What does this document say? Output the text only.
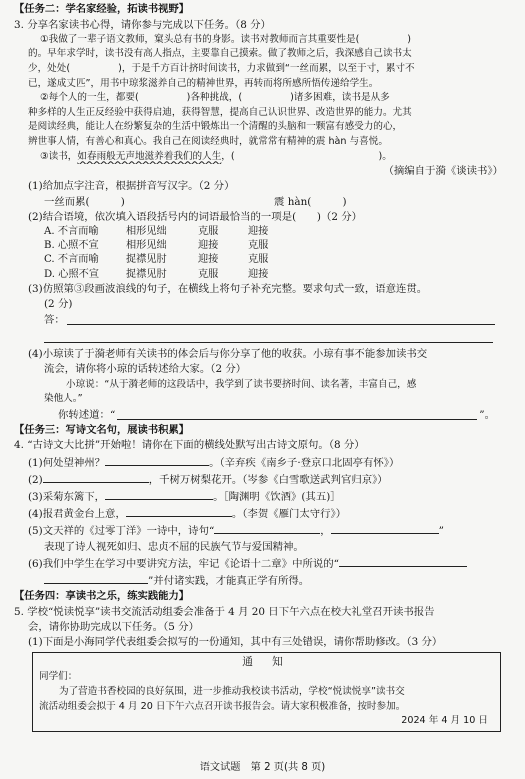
【任务二：学名家经验，拓读书视野】
3. 分享名家读书心得，请你参与完成以下任务。（8 分）
①我做了一辈子语文教师，窠头总有书的身影。读书对教师而言其重要性是(　　　　　)
的。早年求学时，读书没有高人指点，主要靠自己摸索。做了教师之后，我深感自己读书太
少，处处(　　　　　)，于是千方百计挤时间读书，力求做到“一丝而累，以至于寸，累寸不
已，遂成丈匹”，用书中琼浆滋养自己的精神世界，再转而将所感所悟传递给学生。
②每个人的一生，都要(　　　　　)各种挑战，(　　　　　)诸多困难，读书是从多
种多样的人生正反经验中获得启迪，获得智慧，提高自己认识世界、改造世界的能力。尤其
是阅读经典，能让人在纷繁复杂的生活中锻炼出一个清醒的头脑和一颗富有感受力的心，
辨世事人情，有善心和真心。我自己在阅读经典时，就常常有精神的震 hàn 与喜悦。
③读书，如春雨般无声地滋养着我们的人生，(　　　　　　　　　　　　　　　)。
（摘编自于漪《谈读书》）
(1)给加点字注音，根据拼音写汉字。（2 分）
一丝而累(　　　)	震 hàn(　　　)
(2)结合语境，依次填入语段括号内的词语最恰当的一项是(　　)（2 分）
A. 不言而喻	相形见绌	克服	迎接
B. 心照不宣	相形见绌	迎接	克服
C. 不言而喻	捉襟见肘	迎接	克服
D. 心照不宣	捉襟见肘	克服	迎接
(3)仿照第③段画波浪线的句子，在横线上将句子补充完整。要求句式一致，语意连贯。
(2 分)
答：
(4)小琼读了于漪老师有关读书的体会后与你分享了他的收获。小琼有事不能参加读书交
流会，请你将小琼的话转述给大家。（2 分）
小琼说：“从于漪老师的这段话中，我学到了读书要挤时间、读名著，丰富自己，感
染他人。”
你转述道：“	”。
【任务三：写诗文名句，展读书积累】
4. “古诗文大比拼”开始啦！请你在下面的横线处默写出古诗文原句。（8 分）
(1)何处望神州？	。（辛弃疾《南乡子·登京口北固亭有怀》）
(2)	，千树万树梨花开。（岑参《白雪歌送武判官归京》）
(3)采菊东篱下，	。［陶渊明《饮酒》(其五)］
(4)报君黄金台上意，	。（李贺《雁门太守行》）
(5)文天祥的《过零丁洋》一诗中，诗句“	，	”
表现了诗人视死如归、忠贞不屈的民族气节与爱国精神。
(6)我们中学生在学习中要讲究方法，牢记《论语十二章》中所说的“
”并付诸实践，才能真正学有所得。
【任务四：享读书之乐，练实践能力】
5. 学校“悦读悦享”读书交流活动组委会准备于 4 月 20 日下午六点在校大礼堂召开读书报告
会，请你协助完成以下任务。（5 分）
(1)下面是小海同学代表组委会拟写的一份通知，其中有三处错误，请你帮助修改。（3 分）
通 知
同学们：
为了营造书香校园的良好氛围，进一步推动我校读书活动，学校“悦读悦享”读书交
流活动组委会拟于 4 月 20 日下午六点召开读书报告会。请大家积极准备，按时参加。
2024 年 4 月 10 日
语文试题　第 2 页(共 8 页)
